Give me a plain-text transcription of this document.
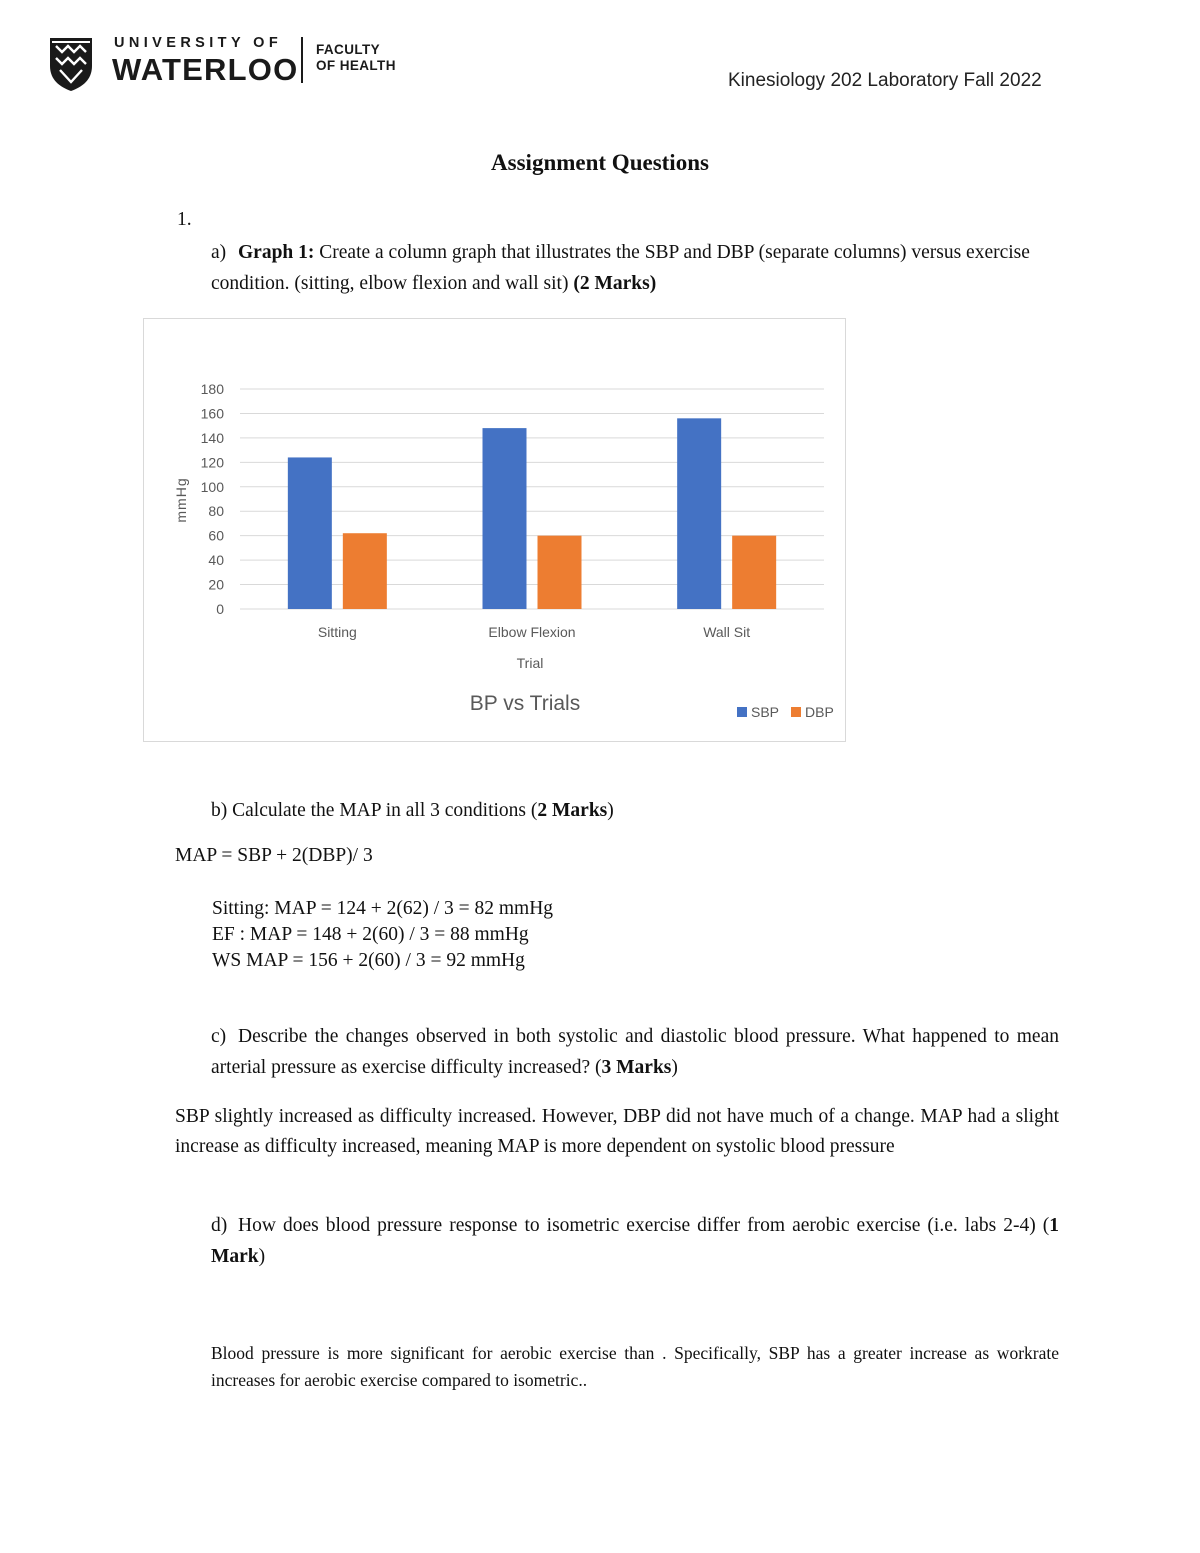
UNIVERSITY OF
WATERLOO
FACULTY
OF HEALTH
Kinesiology 202 Laboratory Fall 2022
Assignment Questions
1.
a) Graph 1: Create a column graph that illustrates the SBP and DBP (separate columns) versus exercise condition. (sitting, elbow flexion and wall sit) (2 Marks)
0
20
40
60
80
100
120
140
160
180
Sitting	Elbow Flexion	Wall Sit
Trial
mmHg
BP vs Trials	SBP DBP
b) Calculate the MAP in all 3 conditions (2 Marks)
MAP = SBP + 2(DBP)/ 3
Sitting: MAP = 124 + 2(62) / 3 = 82 mmHg
EF : MAP = 148 + 2(60) / 3 = 88 mmHg
WS MAP = 156 + 2(60) / 3 = 92 mmHg
c) Describe the changes observed in both systolic and diastolic blood pressure. What happened to mean arterial pressure as exercise difficulty increased? (3 Marks)
SBP slightly increased as difficulty increased. However, DBP did not have much of a change. MAP had a slight increase as difficulty increased, meaning MAP is more dependent on systolic blood pressure
d) How does blood pressure response to isometric exercise differ from aerobic exercise (i.e. labs 2-4) (1 Mark)
Blood pressure is more significant for aerobic exercise than . Specifically, SBP has a greater increase as workrate increases for aerobic exercise compared to isometric..
